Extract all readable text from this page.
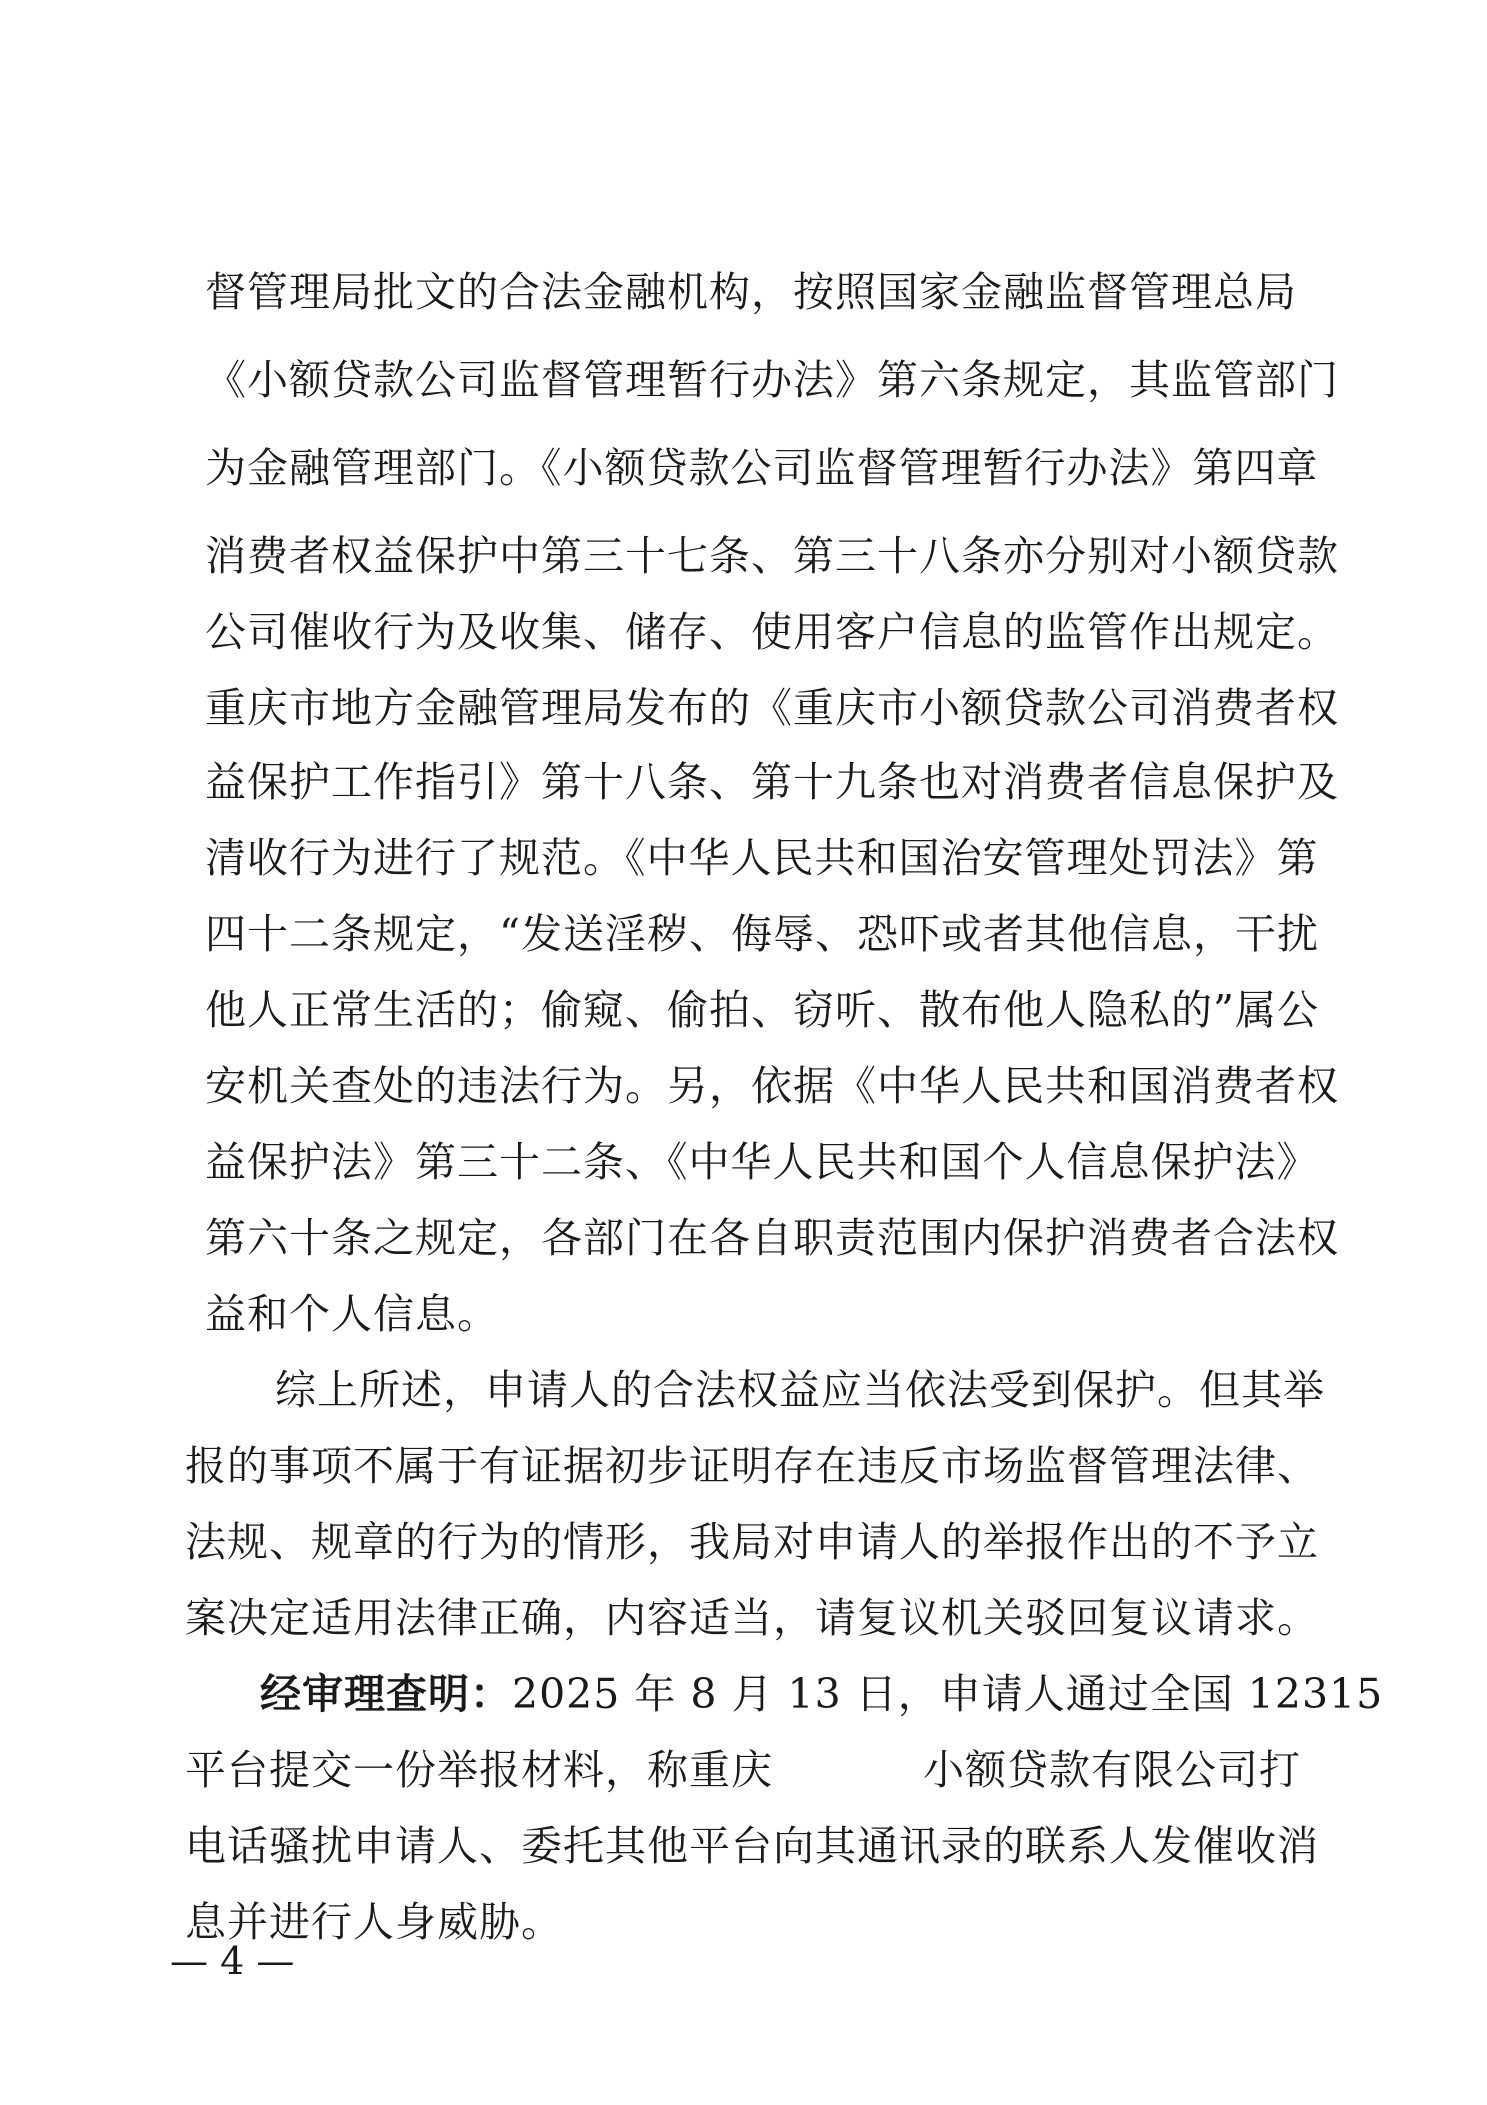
督管理局批文的合法金融机构，按照国家金融监督管理总局
《小额贷款公司监督管理暂行办法》第六条规定，其监管部门
为金融管理部门。《小额贷款公司监督管理暂行办法》第四章
消费者权益保护中第三十七条、第三十八条亦分别对小额贷款
公司催收行为及收集、储存、使用客户信息的监管作出规定。
重庆市地方金融管理局发布的《重庆市小额贷款公司消费者权
益保护工作指引》第十八条、第十九条也对消费者信息保护及
清收行为进行了规范。《中华人民共和国治安管理处罚法》第
四十二条规定，“发送淫秽、侮辱、恐吓或者其他信息，干扰
他人正常生活的；偷窥、偷拍、窃听、散布他人隐私的”属公
安机关查处的违法行为。另，依据《中华人民共和国消费者权
益保护法》第三十二条、《中华人民共和国个人信息保护法》
第六十条之规定，各部门在各自职责范围内保护消费者合法权
益和个人信息。
综上所述，申请人的合法权益应当依法受到保护。但其举
报的事项不属于有证据初步证明存在违反市场监督管理法律、
法规、规章的行为的情形，我局对申请人的举报作出的不予立
案决定适用法律正确，内容适当，请复议机关驳回复议请求。
经审理查明：2025 年 8 月 13 日，申请人通过全国 12315
平台提交一份举报材料，称重庆	小额贷款有限公司打
电话骚扰申请人、委托其他平台向其通讯录的联系人发催收消
息并进行人身威胁。
— 4 —
